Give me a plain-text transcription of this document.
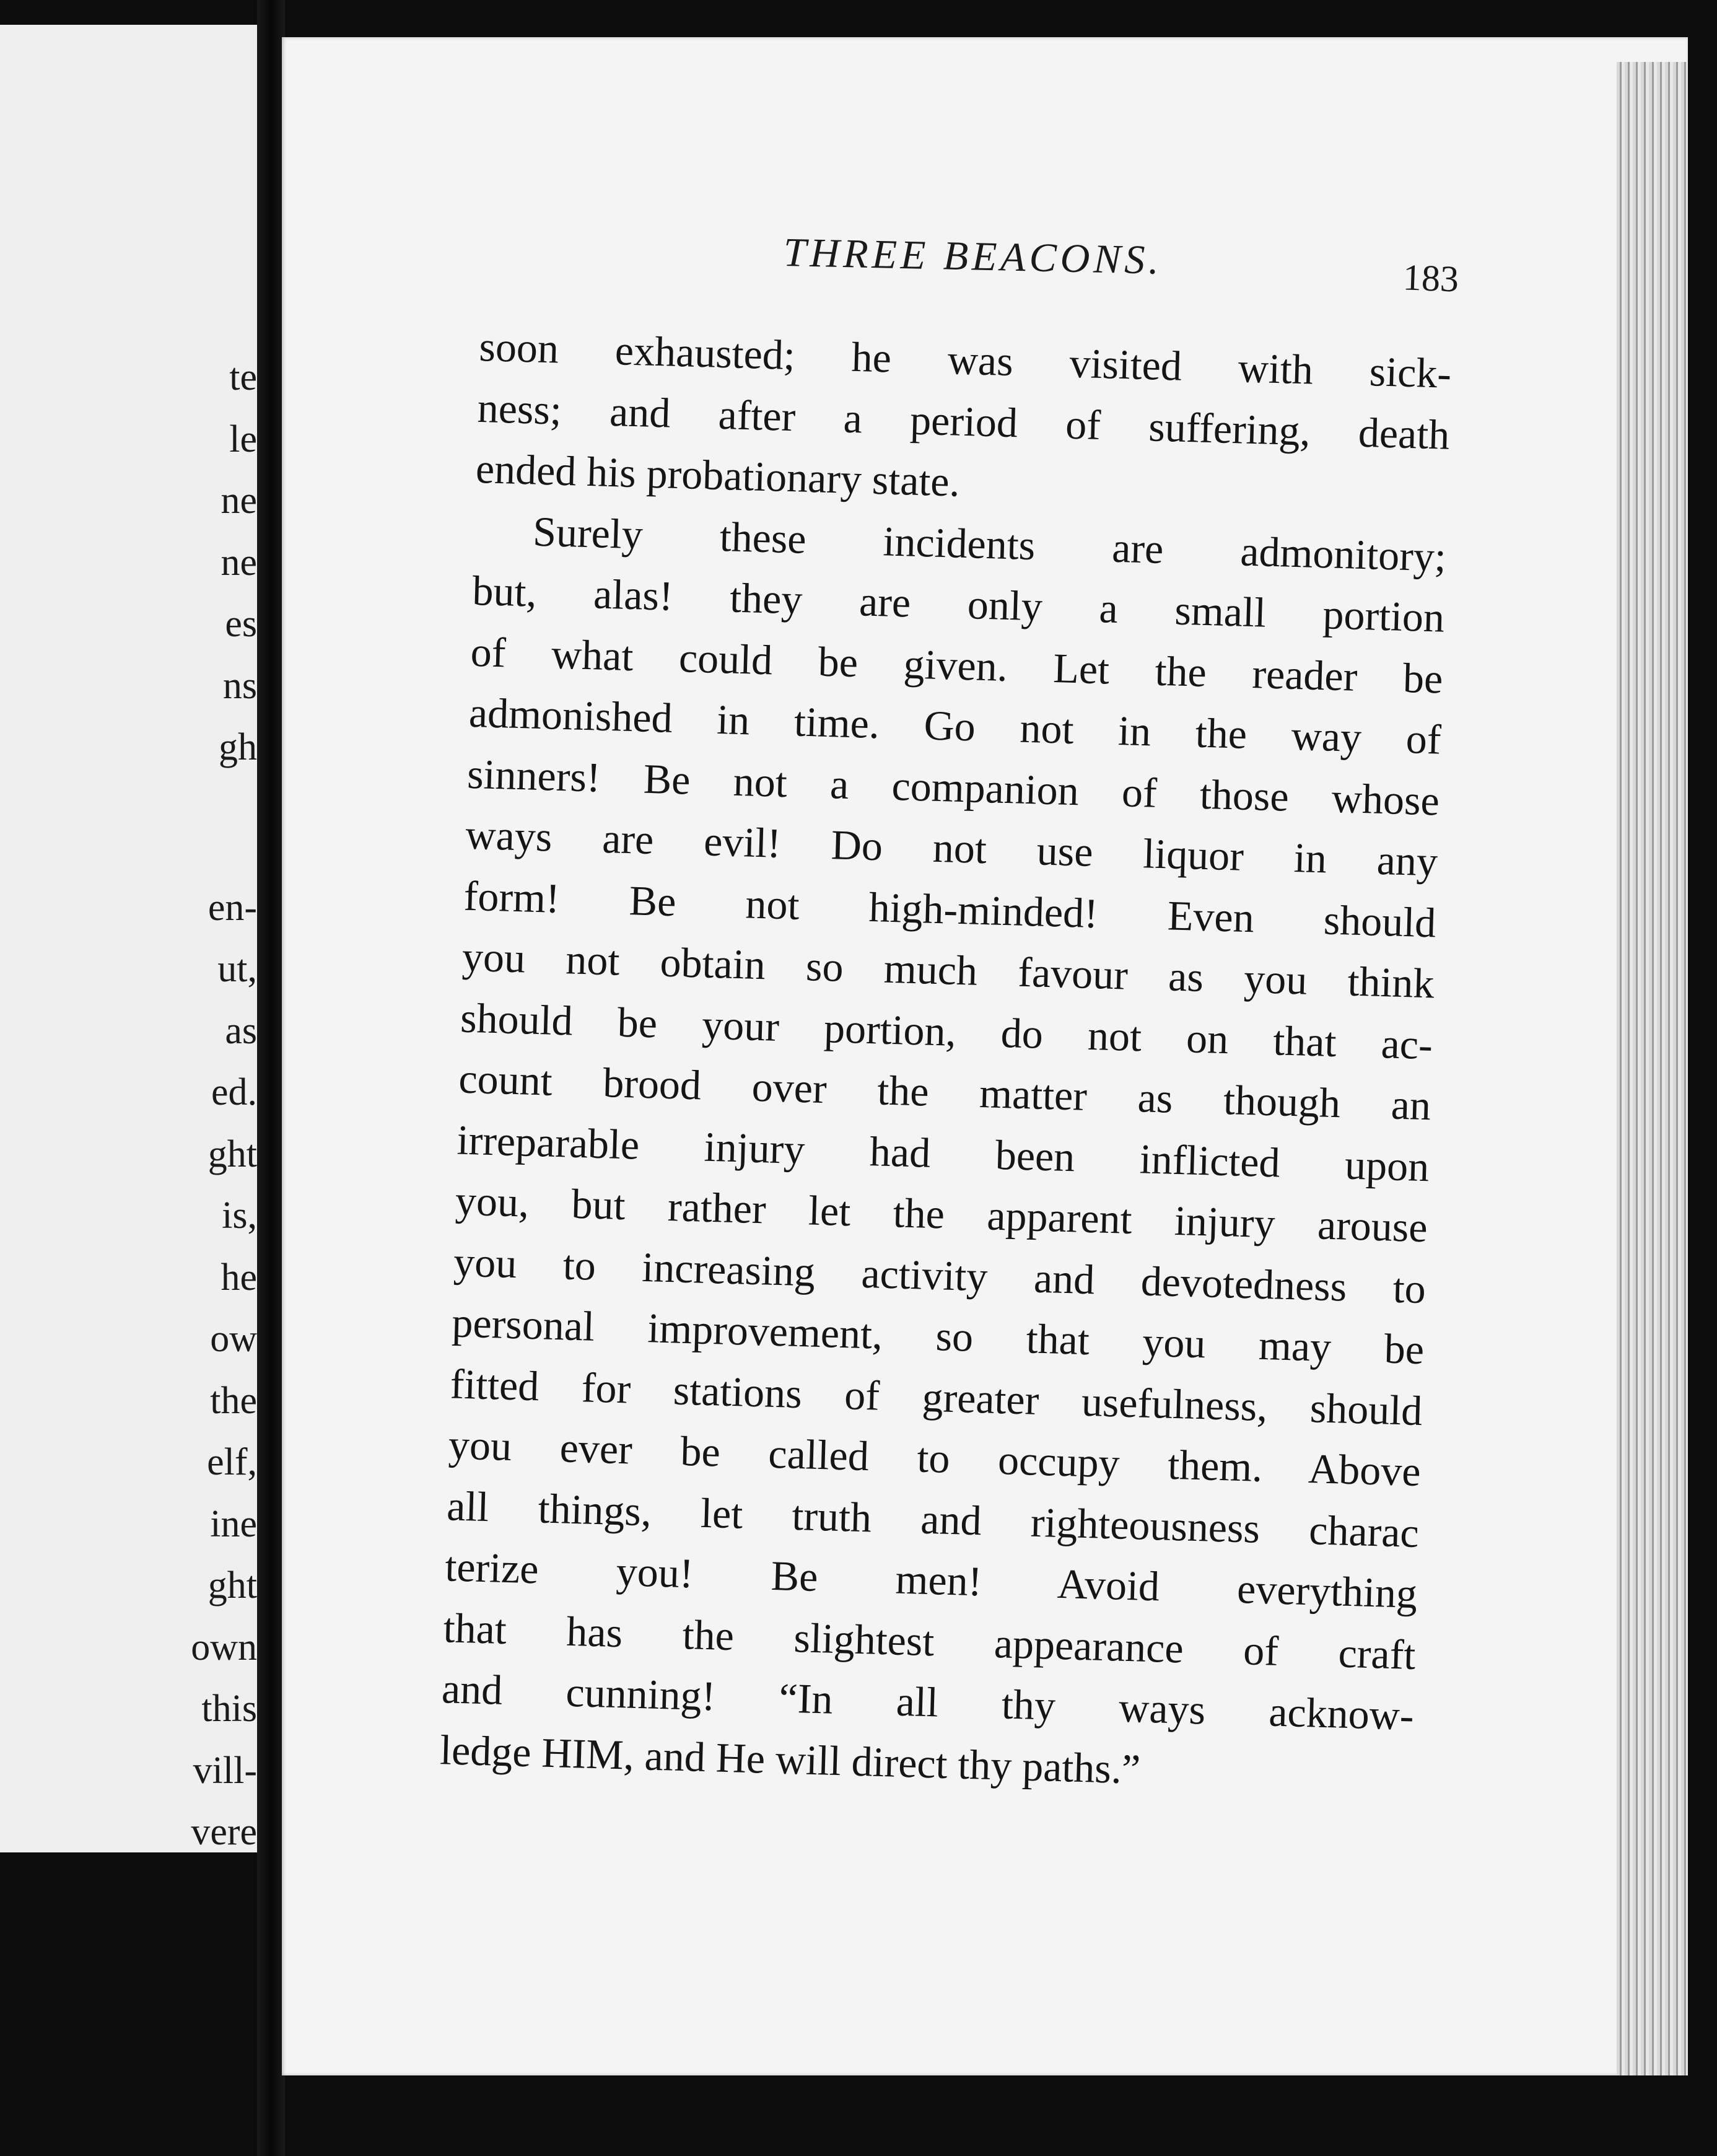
te
le
ne
ne
es
ns
gh
en-
ut,
as
ed.
ght
is,
he
ow
the
elf,
ine
ght
own
this
vill-
vere
THREE BEACONS.	183
soon exhausted; he was visited with sick-
ness; and after a period of suffering, death
ended his probationary state.
Surely these incidents are admonitory;
but, alas! they are only a small portion
of what could be given. Let the reader be
admonished in time. Go not in the way of
sinners! Be not a companion of those whose
ways are evil! Do not use liquor in any
form! Be not high-minded! Even should
you not obtain so much favour as you think
should be your portion, do not on that ac-
count brood over the matter as though an
irreparable injury had been inflicted upon
you, but rather let the apparent injury arouse
you to increasing activity and devotedness to
personal improvement, so that you may be
fitted for stations of greater usefulness, should
you ever be called to occupy them. Above
all things, let truth and righteousness charac
terize you! Be men! Avoid everything
that has the slightest appearance of craft
and cunning! “In all thy ways acknow-
ledge HIM, and He will direct thy paths.”
